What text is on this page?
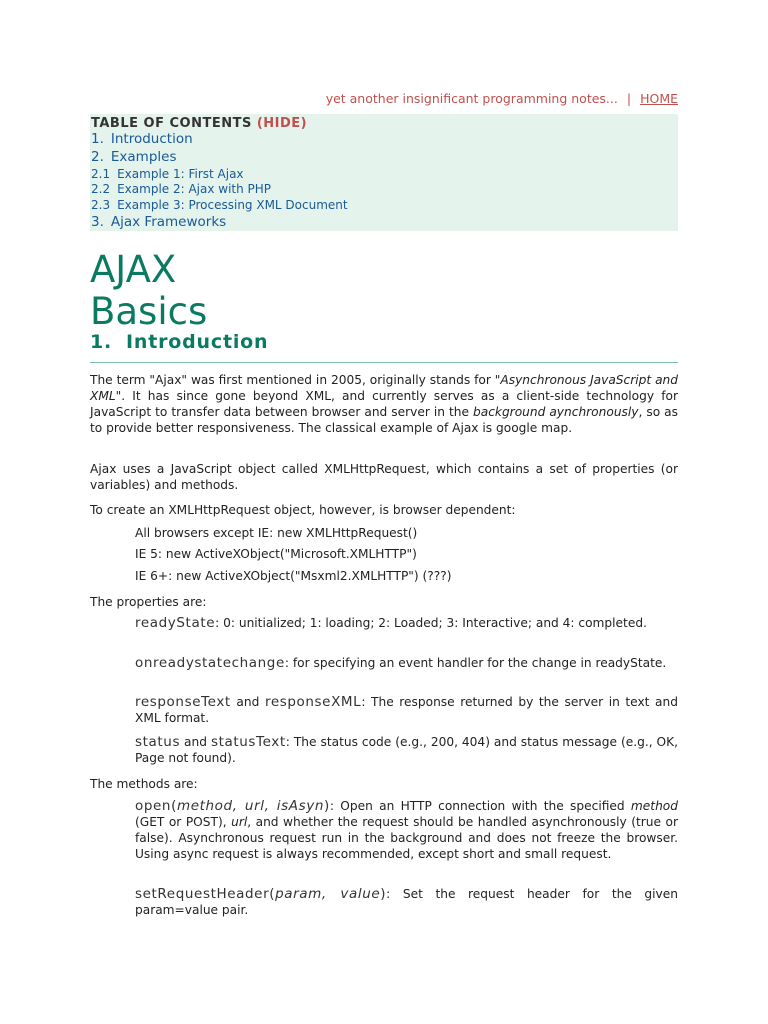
yet another insignificant programming notes... | HOME
TABLE OF CONTENTS (HIDE)
1. Introduction
2. Examples
2.1 Example 1: First Ajax
2.2 Example 2: Ajax with PHP
2.3 Example 3: Processing XML Document
3. Ajax Frameworks
AJAX
Basics
1. Introduction
The term "Ajax" was first mentioned in 2005, originally stands for "Asynchronous JavaScript and XML". It has since gone beyond XML, and currently serves as a client-side technology for JavaScript to transfer data between browser and server in the background aynchronously, so as to provide better responsiveness. The classical example of Ajax is google map.
Ajax uses a JavaScript object called XMLHttpRequest, which contains a set of properties (or variables) and methods.
To create an XMLHttpRequest object, however, is browser dependent:
All browsers except IE: new XMLHttpRequest()
IE 5: new ActiveXObject("Microsoft.XMLHTTP")
IE 6+: new ActiveXObject("Msxml2.XMLHTTP") (???)
The properties are:
readyState: 0: unitialized; 1: loading; 2: Loaded; 3: Interactive; and 4: completed.
onreadystatechange: for specifying an event handler for the change in readyState.
responseText and responseXML: The response returned by the server in text and XML format.
status and statusText: The status code (e.g., 200, 404) and status message (e.g., OK, Page not found).
The methods are:
open(method, url, isAsyn): Open an HTTP connection with the specified method (GET or POST), url, and whether the request should be handled asynchronously (true or false). Asynchronous request run in the background and does not freeze the browser. Using async request is always recommended, except short and small request.
setRequestHeader(param, value): Set the request header for the given param=value pair.
